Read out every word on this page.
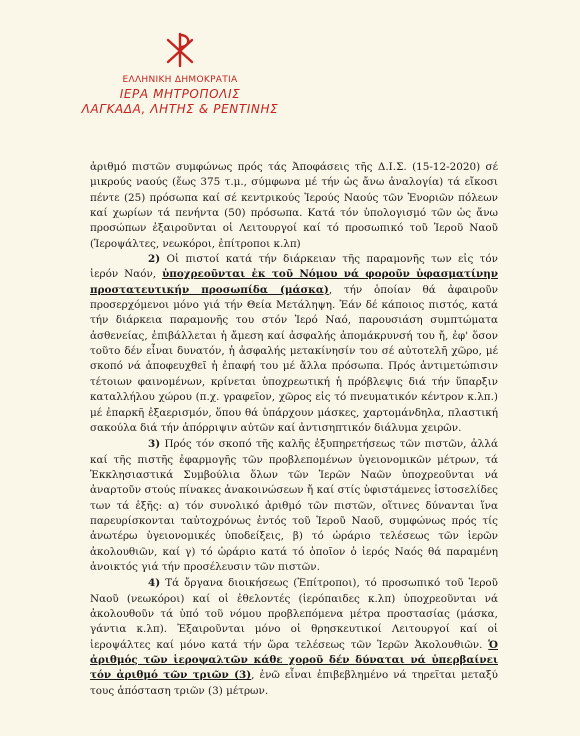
ΕΛΛΗΝΙΚΗ ΔΗΜΟΚΡΑΤΙΑ
ΙΕΡΑ ΜΗΤΡΟΠΟΛΙΣ
ΛΑΓΚΑΔΑ, ΛΗΤΗΣ & ΡΕΝΤΙΝΗΣ

ἀριθμό πιστῶν συμφώνως πρός τάς Ἀποφάσεις τῆς Δ.Ι.Σ. (15-12-2020) σέ μικρούς ναούς (ἕως 375 τ.μ., σύμφωνα μέ τήν ὡς ἄνω ἀναλογία) τά εἴκοσι πέντε (25) πρόσωπα καί σέ κεντρικούς Ἱερούς Ναούς τῶν Ἐνοριῶν πόλεων καί χωρίων τά πενήντα (50) πρόσωπα. Κατά τόν ὑπολογισμό τῶν ὡς ἄνω προσώπων ἐξαιροῦνται οἱ Λειτουργοί καί τό προσωπικό τοῦ Ἱεροῦ Ναοῦ (Ἱεροψάλτες, νεωκόροι, ἐπίτροποι κ.λπ)

2) Οἱ πιστοί κατά τήν διάρκειαν τῆς παραμονῆς των εἰς τόν ἱερόν Ναόν, ὑποχρεοῦνται ἐκ τοῦ Νόμου νά φοροῦν ὑφασματίνην προστατευτικήν προσωπίδα (μάσκα), τήν ὁποίαν θά ἀφαιροῦν προσερχόμενοι μόνο γιά τήν Θεία Μετάληψη. Ἐάν δέ κάποιος πιστός, κατά τήν διάρκεια παραμονῆς του στόν Ἱερό Ναό, παρουσιάση συμπτώματα ἀσθενείας, ἐπιβάλλεται ἡ ἄμεση καί ἀσφαλής ἀπομάκρυνσή του ἤ, ἐφ' ὅσον τοῦτο δέν εἶναι δυνατόν, ἡ ἀσφαλής μετακίνησίν του σέ αὐτοτελῆ χῶρο, μέ σκοπό νά ἀποφευχθεῖ ἡ ἐπαφή του μέ ἄλλα πρόσωπα. Πρός ἀντιμετώπισιν τέτοιων φαινομένων, κρίνεται ὑποχρεωτική ἡ πρόβλεψις διά τήν ὕπαρξιν καταλλήλου χώρου (π.χ. γραφεῖον, χῶρος εἰς τό πνευματικόν κέντρον κ.λπ.) μέ ἐπαρκῆ ἐξαερισμόν, ὅπου θά ὑπάρχουν μάσκες, χαρτομάνδηλα, πλαστική σακούλα διά τήν ἀπόρριψιν αὐτῶν καί ἀντισηπτικόν διάλυμα χειρῶν.

3) Πρός τόν σκοπό τῆς καλῆς ἐξυπηρετήσεως τῶν πιστῶν, ἀλλά καί τῆς πιστῆς ἐφαρμογῆς τῶν προβλεπομένων ὑγειονομικῶν μέτρων, τά Ἐκκλησιαστικά Συμβούλια ὅλων τῶν Ἱερῶν Ναῶν ὑποχρεοῦνται νά ἀναρτοῦν στούς πίνακες ἀνακοινώσεων ἤ καί στίς ὑφιστάμενες ἰστοσελίδες των τά ἑξῆς: α) τόν συνολικό ἀριθμό τῶν πιστῶν, οἵτινες δύνανται ἵνα παρευρίσκονται ταὐτοχρόνως ἐντός τοῦ Ἱεροῦ Ναοῦ, συμφώνως πρός τίς ἀνωτέρω ὑγειονομικές ὑποδείξεις, β) τό ὡράριο τελέσεως τῶν ἱερῶν ἀκολουθιῶν, καί γ) τό ὡράριο κατά τό ὁποῖον ὁ ἱερός Ναός θά παραμένη ἀνοικτός γιά τήν προσέλευσιν τῶν πιστῶν.

4) Τά ὄργανα διοικήσεως (Ἐπίτροποι), τό προσωπικό τοῦ Ἱεροῦ Ναοῦ (νεωκόροι) καί οἱ ἐθελοντές (ἱερόπαιδες κ.λπ) ὑποχρεοῦνται νά ἀκολουθοῦν τά ὑπό τοῦ νόμου προβλεπόμενα μέτρα προστασίας (μάσκα, γάντια κ.λπ). Ἐξαιροῦνται μόνο οἱ θρησκευτικοί Λειτουργοί καί οἱ ἱεροψάλτες καί μόνο κατά τήν ὥρα τελέσεως τῶν Ἱερῶν Ἀκολουθιῶν. Ὁ ἀριθμός τῶν ἱεροψαλτῶν κάθε χοροῦ δέν δύναται νά ὑπερβαίνει τόν ἀριθμό τῶν τριῶν (3), ἐνῶ εἶναι ἐπιβεβλημένο νά τηρεῖται μεταξύ τους ἀπόσταση τριῶν (3) μέτρων.
